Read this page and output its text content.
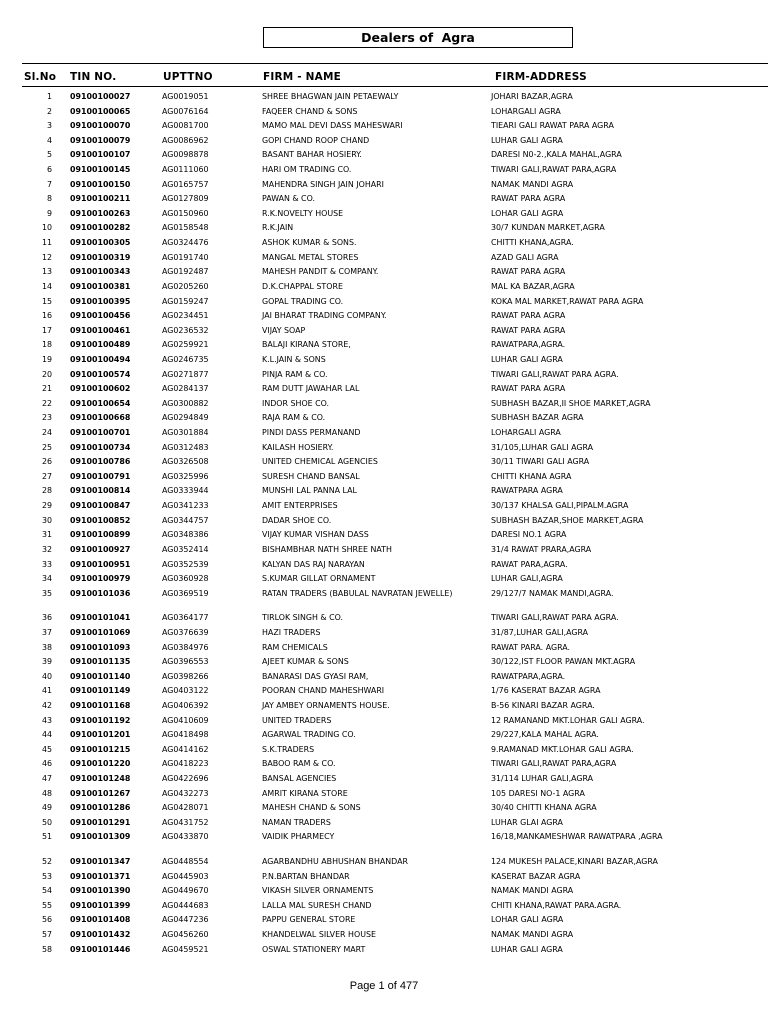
Dealers of Agra
Sl.No TIN NO.	UPTTNO	FIRM - NAME	FIRM-ADDRESS
1 09100100027	AG0019051	SHREE BHAGWAN JAIN PETAEWALY	JOHARI BAZAR,AGRA
2 09100100065	AG0076164	FAQEER CHAND & SONS	LOHARGALI AGRA
3 09100100070	AG0081700	MAMO MAL DEVI DASS MAHESWARI	TIEARI GALI RAWAT PARA AGRA
4 09100100079	AG0086962	GOPI CHAND ROOP CHAND	LUHAR GALI AGRA
5 09100100107	AG0098878	BASANT BAHAR HOSIERY.	DARESI N0-2.,KALA MAHAL,AGRA
6 09100100145	AG0111060	HARI OM TRADING CO.	TIWARI GALI,RAWAT PARA,AGRA
7 09100100150	AG0165757	MAHENDRA SINGH JAIN JOHARI	NAMAK MANDI AGRA
8 09100100211	AG0127809	PAWAN & CO.	RAWAT PARA AGRA
9 09100100263	AG0150960	R.K.NOVELTY HOUSE	LOHAR GALI AGRA
10 09100100282	AG0158548	R.K.JAIN	30/7 KUNDAN MARKET,AGRA
11 09100100305	AG0324476	ASHOK KUMAR & SONS.	CHITTI KHANA,AGRA.
12 09100100319	AG0191740	MANGAL METAL STORES	AZAD GALI AGRA
13 09100100343	AG0192487	MAHESH PANDIT & COMPANY.	RAWAT PARA AGRA
14 09100100381	AG0205260	D.K.CHAPPAL STORE	MAL KA BAZAR,AGRA
15 09100100395	AG0159247	GOPAL TRADING CO.	KOKA MAL MARKET,RAWAT PARA AGRA
16 09100100456	AG0234451	JAI BHARAT TRADING COMPANY.	RAWAT PARA AGRA
17 09100100461	AG0236532	VIJAY SOAP	RAWAT PARA AGRA
18 09100100489	AG0259921	BALAJI KIRANA STORE,	RAWATPARA,AGRA.
19 09100100494	AG0246735	K.L.JAIN & SONS	LUHAR GALI AGRA
20 09100100574	AG0271877	PINJA RAM & CO.	TIWARI GALI,RAWAT PARA AGRA.
21 09100100602	AG0284137	RAM DUTT JAWAHAR LAL	RAWAT PARA AGRA
22 09100100654	AG0300882	INDOR SHOE CO.	SUBHASH BAZAR,II SHOE MARKET,AGRA
23 09100100668	AG0294849	RAJA RAM & CO.	SUBHASH BAZAR AGRA
24 09100100701	AG0301884	PINDI DASS PERMANAND	LOHARGALI AGRA
25 09100100734	AG0312483	KAILASH HOSIERY.	31/105,LUHAR GALI AGRA
26 09100100786	AG0326508	UNITED CHEMICAL AGENCIES	30/11 TIWARI GALI AGRA
27 09100100791	AG0325996	SURESH CHAND BANSAL	CHITTI KHANA AGRA
28 09100100814	AG0333944	MUNSHI LAL PANNA LAL	RAWATPARA AGRA
29 09100100847	AG0341233	AMIT ENTERPRISES	30/137 KHALSA GALI,PIPALM.AGRA
30 09100100852	AG0344757	DADAR SHOE CO.	SUBHASH BAZAR,SHOE MARKET,AGRA
31 09100100899	AG0348386	VIJAY KUMAR VISHAN DASS	DARESI NO.1 AGRA
32 09100100927	AG0352414	BISHAMBHAR NATH SHREE NATH	31/4 RAWAT PRARA,AGRA
33 09100100951	AG0352539	KALYAN DAS RAJ NARAYAN	RAWAT PARA,AGRA.
34 09100100979	AG0360928	S.KUMAR GILLAT ORNAMENT	LUHAR GALI,AGRA
35 09100101036	AG0369519	RATAN TRADERS (BABULAL NAVRATAN JEWELLE)	29/127/7 NAMAK MANDI,AGRA.
36 09100101041	AG0364177	TIRLOK SINGH & CO.	TIWARI GALI,RAWAT PARA AGRA.
37 09100101069	AG0376639	HAZI TRADERS	31/87,LUHAR GALI,AGRA
38 09100101093	AG0384976	RAM CHEMICALS	RAWAT PARA. AGRA.
39 09100101135	AG0396553	AJEET KUMAR & SONS	30/122,IST FLOOR PAWAN MKT.AGRA
40 09100101140	AG0398266	BANARASI DAS GYASI RAM,	RAWATPARA,AGRA.
41 09100101149	AG0403122	POORAN CHAND MAHESHWARI	1/76 KASERAT BAZAR AGRA
42 09100101168	AG0406392	JAY AMBEY ORNAMENTS HOUSE.	B-56 KINARI BAZAR AGRA.
43 09100101192	AG0410609	UNITED TRADERS	12 RAMANAND MKT.LOHAR GALI AGRA.
44 09100101201	AG0418498	AGARWAL TRADING CO.	29/227,KALA MAHAL AGRA.
45 09100101215	AG0414162	S.K.TRADERS	9.RAMANAD MKT.LOHAR GALI AGRA.
46 09100101220	AG0418223	BABOO RAM & CO.	TIWARI GALI,RAWAT PARA,AGRA
47 09100101248	AG0422696	BANSAL AGENCIES	31/114 LUHAR GALI,AGRA
48 09100101267	AG0432273	AMRIT KIRANA STORE	105 DARESI NO-1 AGRA
49 09100101286	AG0428071	MAHESH CHAND & SONS	30/40 CHITTI KHANA AGRA
50 09100101291	AG0431752	NAMAN TRADERS	LUHAR GLAI AGRA
51 09100101309	AG0433870	VAIDIK PHARMECY	16/18,MANKAMESHWAR RAWATPARA ,AGRA
52 09100101347	AG0448554	AGARBANDHU ABHUSHAN BHANDAR	124 MUKESH PALACE,KINARI BAZAR,AGRA
53 09100101371	AG0445903	P.N.BARTAN BHANDAR	KASERAT BAZAR AGRA
54 09100101390	AG0449670	VIKASH SILVER ORNAMENTS	NAMAK MANDI AGRA
55 09100101399	AG0444683	LALLA MAL SURESH CHAND	CHITI KHANA,RAWAT PARA.AGRA.
56 09100101408	AG0447236	PAPPU GENERAL STORE	LOHAR GALI AGRA
57 09100101432	AG0456260	KHANDELWAL SILVER HOUSE	NAMAK MANDI AGRA
58 09100101446	AG0459521	OSWAL STATIONERY MART	LUHAR GALI AGRA
Page 1 of 477
